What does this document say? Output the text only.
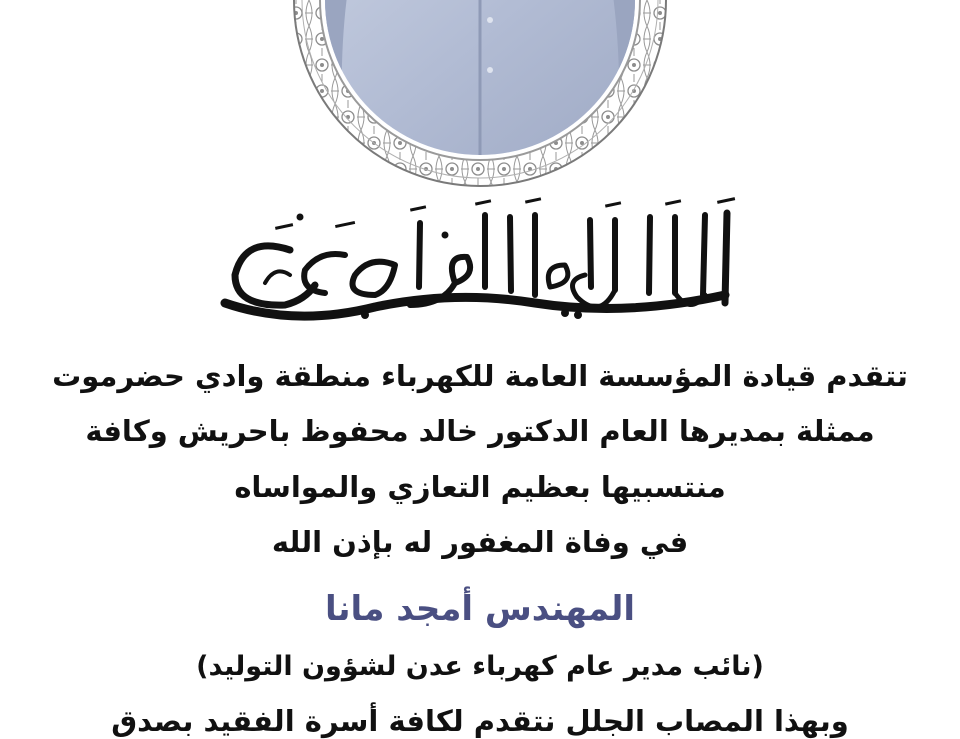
تتقدم قيادة المؤسسة العامة للكهرباء منطقة وادي حضرموت
ممثلة بمديرها العام الدكتور خالد محفوظ باحريش وكافة
منتسبيها بعظيم التعازي والمواساه
في وفاة المغفور له بإذن الله
المهندس أمجد مانا
(نائب مدير عام كهرباء عدن لشؤون التوليد)
وبهذا المصاب الجلل نتقدم لكافة أسرة الفقيد بصدق
